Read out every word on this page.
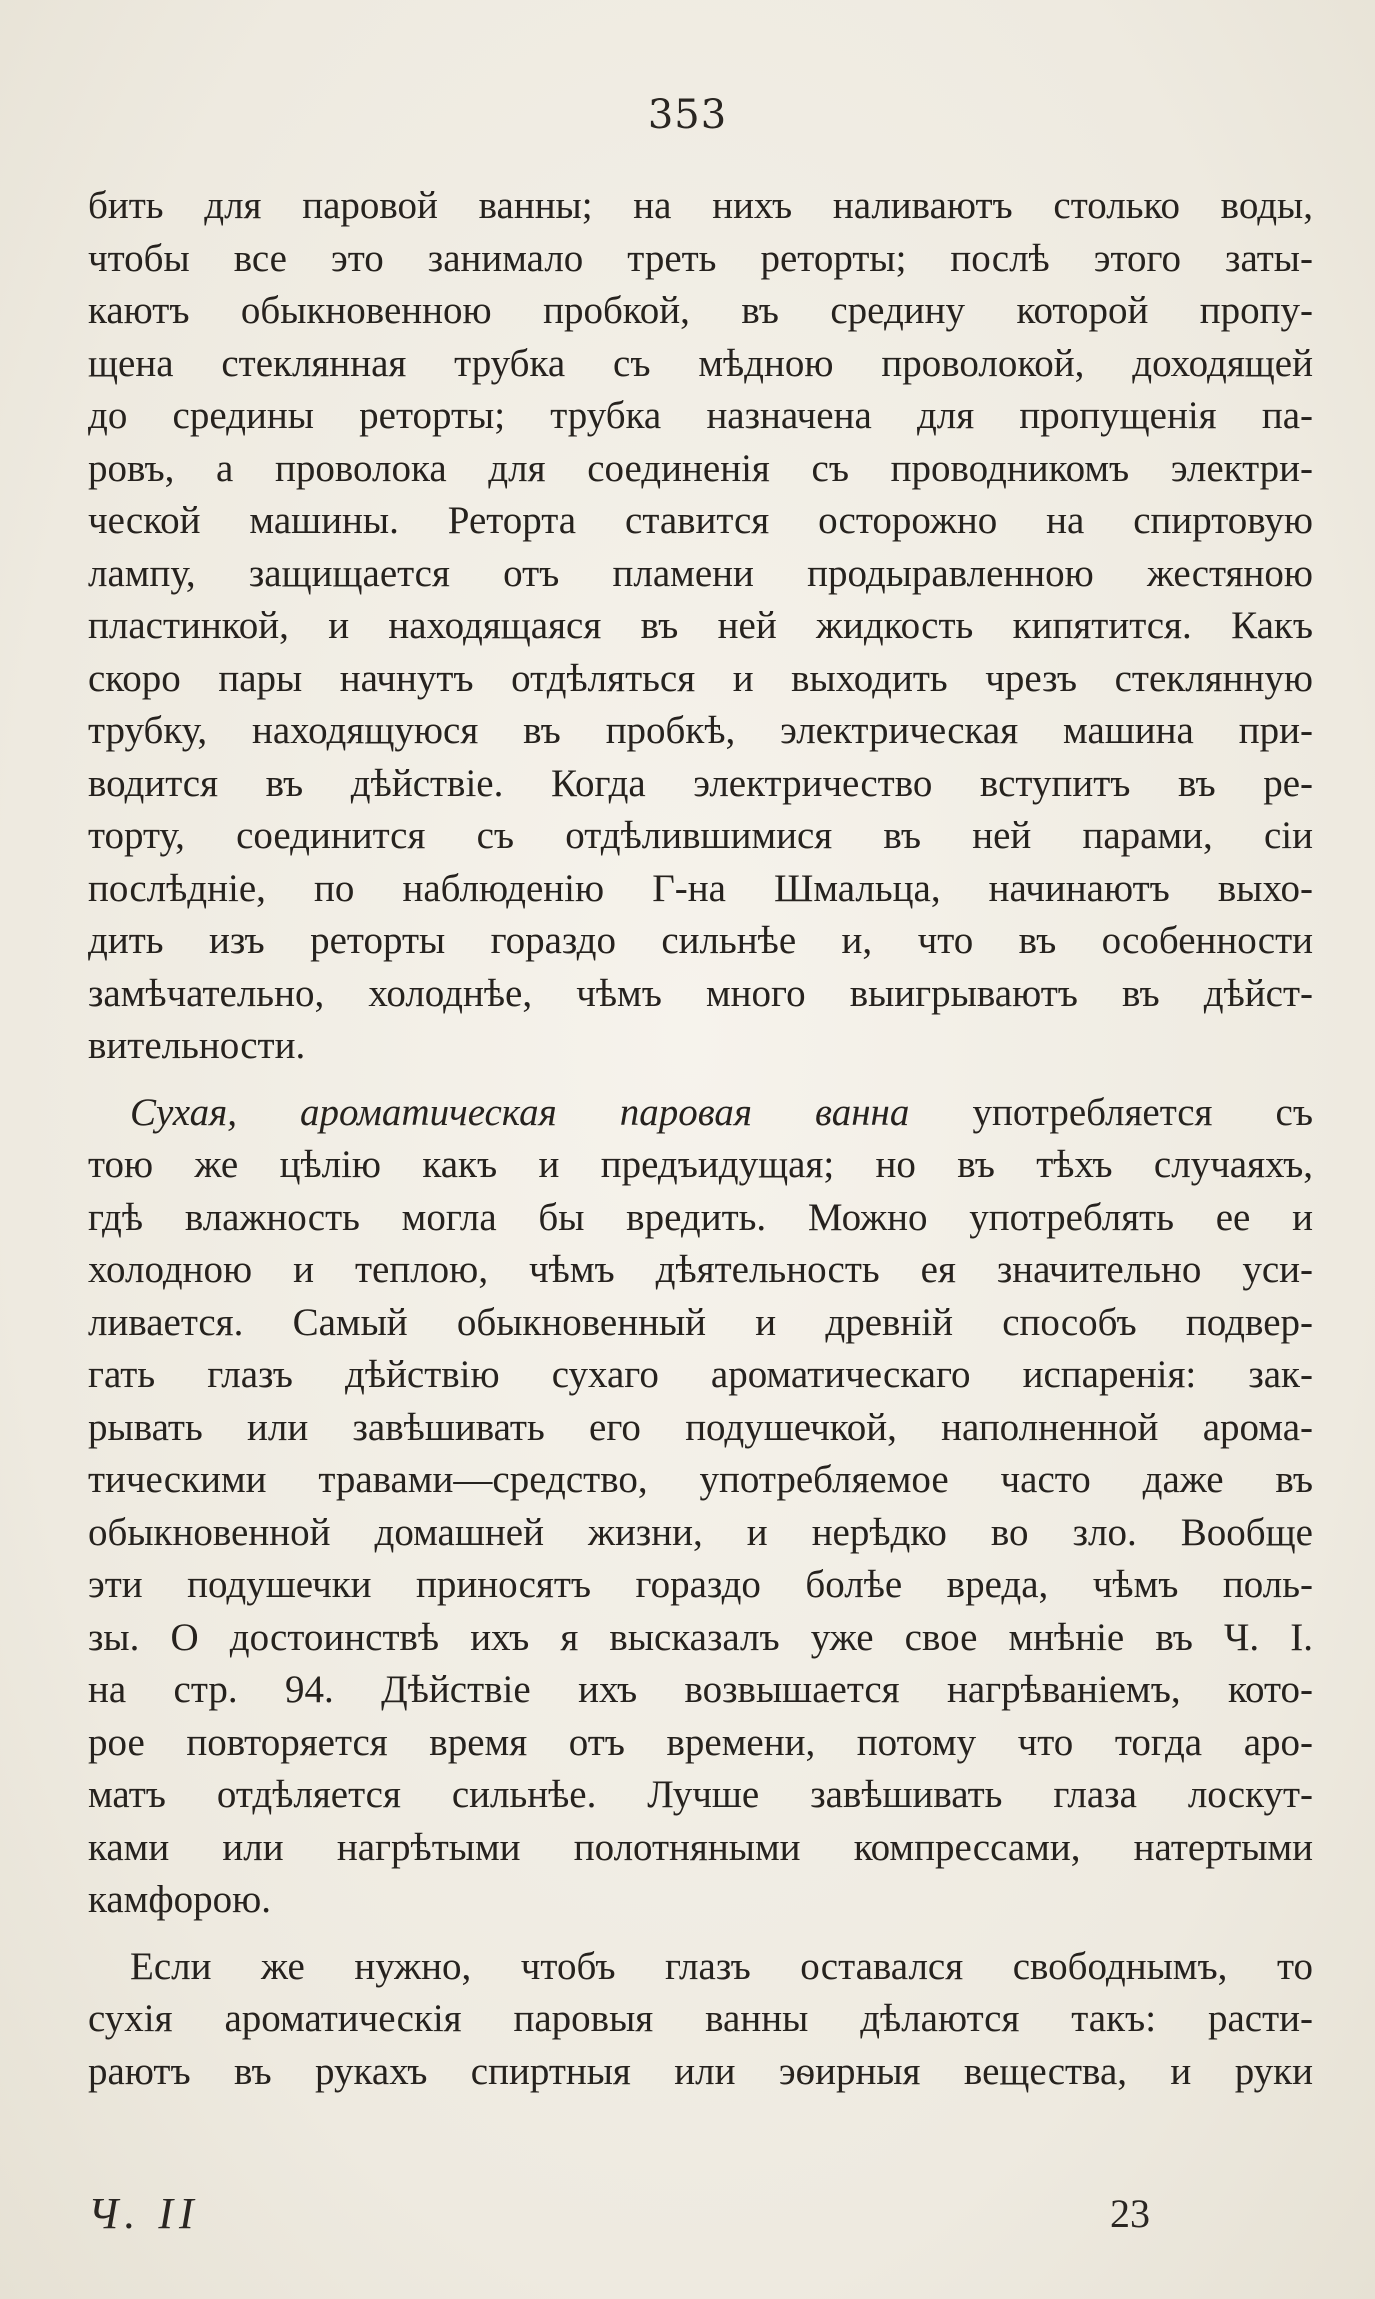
353
бить для паровой ванны; на нихъ наливаютъ столько воды,
чтобы все это занимало треть реторты; послѣ этого заты-
каютъ обыкновенною пробкой, въ средину которой пропу-
щена стеклянная трубка съ мѣдною проволокой, доходящей
до средины реторты; трубка назначена для пропущенія па-
ровъ, а проволока для соединенія съ проводникомъ электри-
ческой машины. Реторта ставится осторожно на спиртовую
лампу, защищается отъ пламени продыравленною жестяною
пластинкой, и находящаяся въ ней жидкость кипятится. Какъ
скоро пары начнутъ отдѣляться и выходить чрезъ стеклянную
трубку, находящуюся въ пробкѣ, электрическая машина при-
водится въ дѣйствіе. Когда электричество вступитъ въ ре-
торту, соединится съ отдѣлившимися въ ней парами, сіи
послѣдніе, по наблюденію Г-на Шмальца, начинаютъ выхо-
дить изъ реторты гораздо сильнѣе и, что въ особенности
замѣчательно, холоднѣе, чѣмъ много выигрываютъ въ дѣйст-
вительности.
Сухая, ароматическая паровая ванна употребляется съ
тою же цѣлію какъ и предъидущая; но въ тѣхъ случаяхъ,
гдѣ влажность могла бы вредить. Можно употреблять ее и
холодною и теплою, чѣмъ дѣятельность ея значительно уси-
ливается. Самый обыкновенный и древній способъ подвер-
гать глазъ дѣйствію сухаго ароматическаго испаренія: зак-
рывать или завѣшивать его подушечкой, наполненной арома-
тическими травами—средство, употребляемое часто даже въ
обыкновенной домашней жизни, и нерѣдко во зло. Вообще
эти подушечки приносятъ гораздо болѣе вреда, чѣмъ поль-
зы. О достоинствѣ ихъ я высказалъ уже свое мнѣніе въ Ч. I.
на стр. 94. Дѣйствіе ихъ возвышается нагрѣваніемъ, кото-
рое повторяется время отъ времени, потому что тогда аро-
матъ отдѣляется сильнѣе. Лучше завѣшивать глаза лоскут-
ками или нагрѣтыми полотняными компрессами, натертыми
камфорою.
Если же нужно, чтобъ глазъ оставался свободнымъ, то
сухія ароматическія паровыя ванны дѣлаются такъ: расти-
раютъ въ рукахъ спиртныя или эѳирныя вещества, и руки
Ч. II	23
